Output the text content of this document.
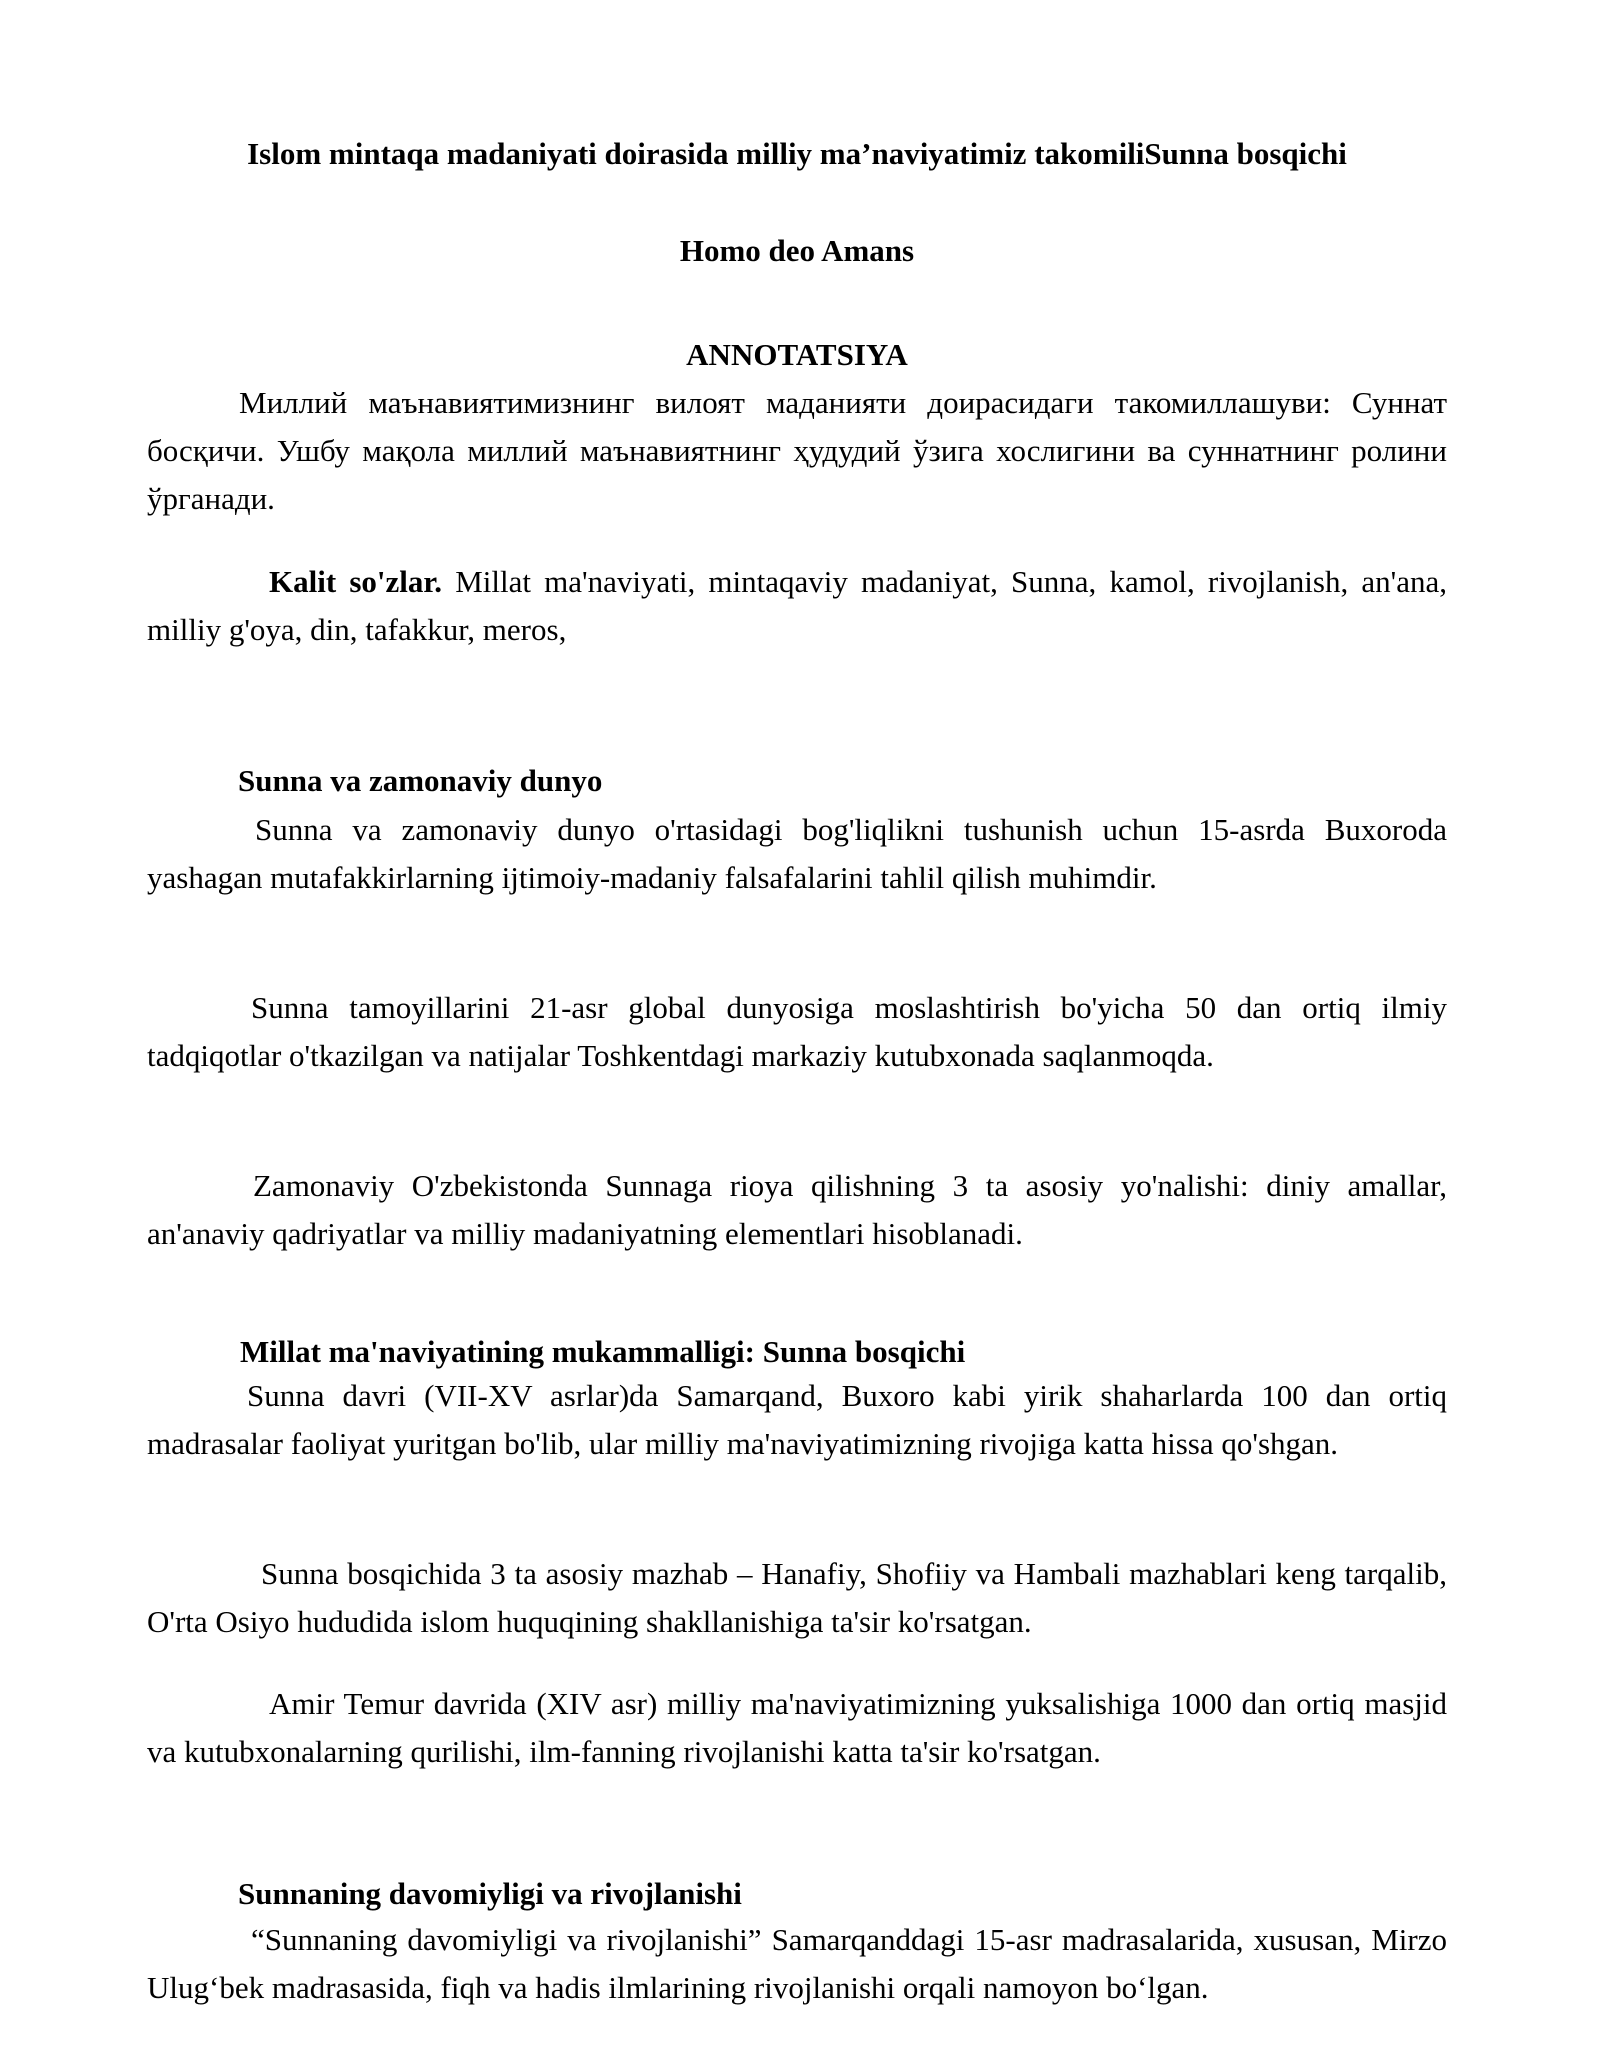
Islom mintaqa madaniyati doirasida milliy ma’naviyatimiz takomiliSunna bosqichi
Homo deo Amans
ANNOTATSIYA
Миллий маънавиятимизнинг вилоят маданияти доирасидаги такомиллашуви: Суннат босқичи. Ушбу мақола миллий маънавиятнинг ҳудудий ўзига хослигини ва суннатнинг ролини ўрганади.
Kalit so'zlar. Millat ma'naviyati, mintaqaviy madaniyat, Sunna, kamol, rivojlanish, an'ana, milliy g'oya, din, tafakkur, meros,
Sunna va zamonaviy dunyo
Sunna va zamonaviy dunyo o'rtasidagi bog'liqlikni tushunish uchun 15-asrda Buxoroda yashagan mutafakkirlarning ijtimoiy-madaniy falsafalarini tahlil qilish muhimdir.
Sunna tamoyillarini 21-asr global dunyosiga moslashtirish bo'yicha 50 dan ortiq ilmiy tadqiqotlar o'tkazilgan va natijalar Toshkentdagi markaziy kutubxonada saqlanmoqda.
Zamonaviy O'zbekistonda Sunnaga rioya qilishning 3 ta asosiy yo'nalishi: diniy amallar, an'anaviy qadriyatlar va milliy madaniyatning elementlari hisoblanadi.
Millat ma'naviyatining mukammalligi: Sunna bosqichi
Sunna davri (VII-XV asrlar)da Samarqand, Buxoro kabi yirik shaharlarda 100 dan ortiq madrasalar faoliyat yuritgan bo'lib, ular milliy ma'naviyatimizning rivojiga katta hissa qo'shgan.
Sunna bosqichida 3 ta asosiy mazhab – Hanafiy, Shofiiy va Hambali mazhablari keng tarqalib, O'rta Osiyo hududida islom huquqining shakllanishiga ta'sir ko'rsatgan.
Amir Temur davrida (XIV asr) milliy ma'naviyatimizning yuksalishiga 1000 dan ortiq masjid va kutubxonalarning qurilishi, ilm-fanning rivojlanishi katta ta'sir ko'rsatgan.
Sunnaning davomiyligi va rivojlanishi
“Sunnaning davomiyligi va rivojlanishi” Samarqanddagi 15-asr madrasalarida, xususan, Mirzo Ulug‘bek madrasasida, fiqh va hadis ilmlarining rivojlanishi orqali namoyon bo‘lgan.
